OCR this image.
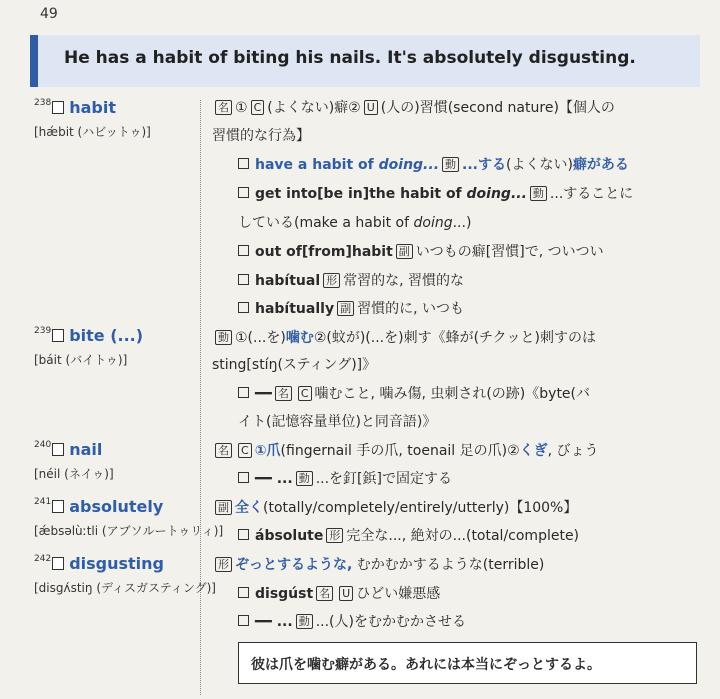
49
He has a habit of biting his nails. It's absolutely disgusting.
$^{238}$ habit
[hǽbit (ハビットゥ)]
$^{239}$ bite (...)
[báit (バイトゥ)]
$^{240}$ nail
[néil (ネイゥ)]
$^{241}$ absolutely
[ǽbsəlùːtli (アブソルートゥリィ)]
$^{242}$ disgusting
[disgʌ́stiŋ (ディスガスティング)]
名 ① C (よくない)癖② U (人の)習慣(second nature)【個人の
習慣的な行為】
have a habit of doing... 動 ...する(よくない)癖がある
get into[be in]the habit of doing... 動 ...することに
している(make a habit of doing...)
out of[from]habit 副 いつもの癖[習慣]で, ついつい
habítual 形 常習的な, 習慣的な
habítually 副 習慣的に, いつも
動 ①(...を)噛む②(蚊が)(...を)刺す《蜂が(チクッと)刺すのは
sting[stíŋ(スティング)]》
━━ 名 C 噛むこと, 噛み傷, 虫刺され(の跡)《byte(バ
イト(記憶容量単位)と同音語)》
名 C ①爪(fingernail 手の爪, toenail 足の爪)②くぎ, びょう
━━ ... 動 ...を釘[鋲]で固定する
副 全く(totally/completely/entirely/utterly)【100%】
ábsolute 形 完全な..., 絶対の...(total/complete)
形 ぞっとするような, むかむかするような(terrible)
disgúst 名 U ひどい嫌悪感
━━ ... 動 ...(人)をむかむかさせる
彼は爪を噛む癖がある。あれには本当にぞっとするよ。
